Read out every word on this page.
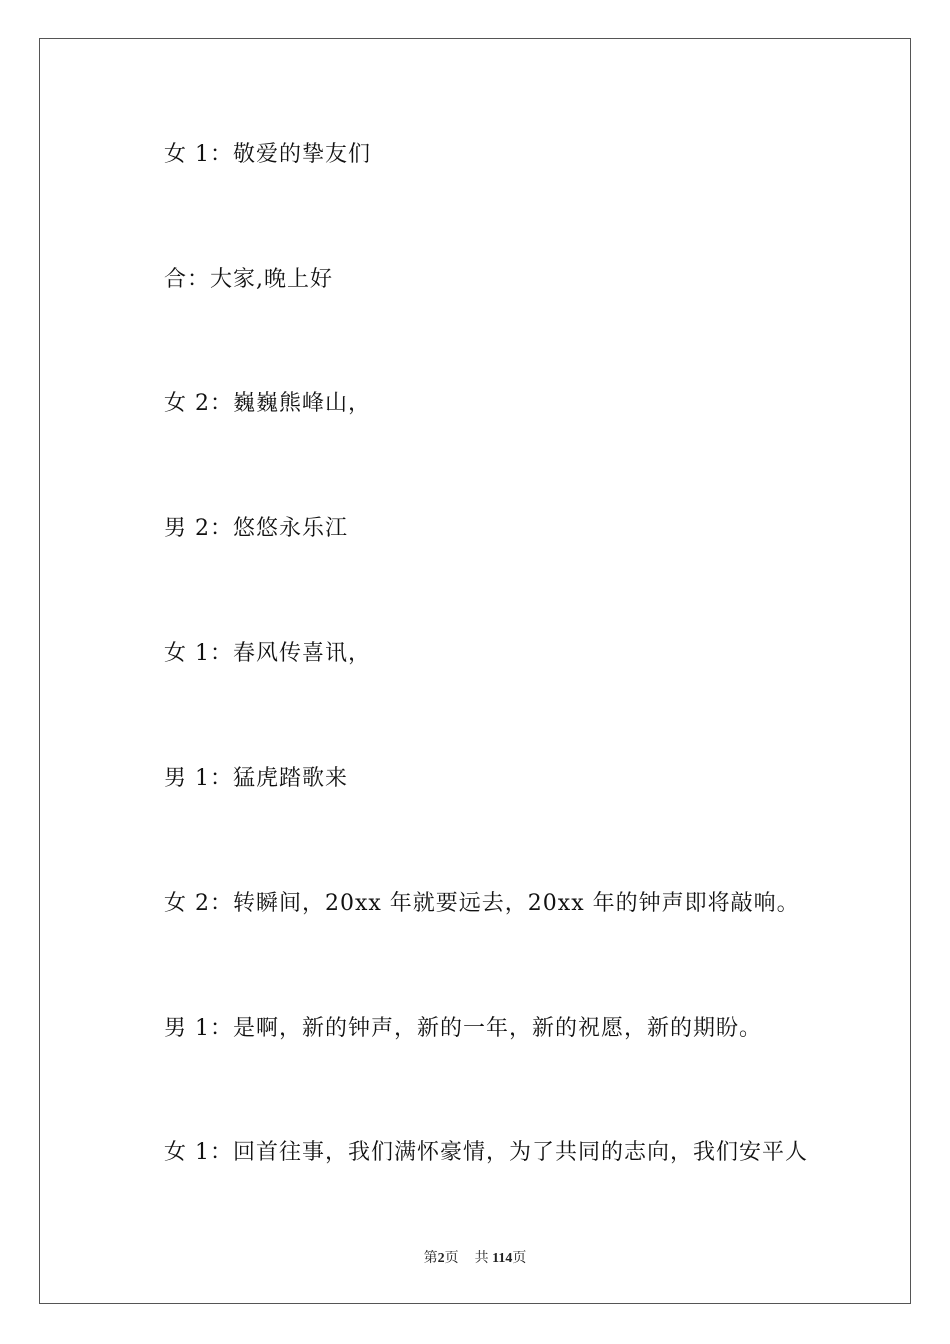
女 1：敬爱的挚友们
合：大家,晚上好
女 2：巍巍熊峰山，
男 2：悠悠永乐江
女 1：春风传喜讯，
男 1：猛虎踏歌来
女 2：转瞬间，20xx 年就要远去，20xx 年的钟声即将敲响。
男 1：是啊，新的钟声，新的一年，新的祝愿，新的期盼。
女 1：回首往事，我们满怀豪情，为了共同的志向，我们安平人
第2页 共 114页
